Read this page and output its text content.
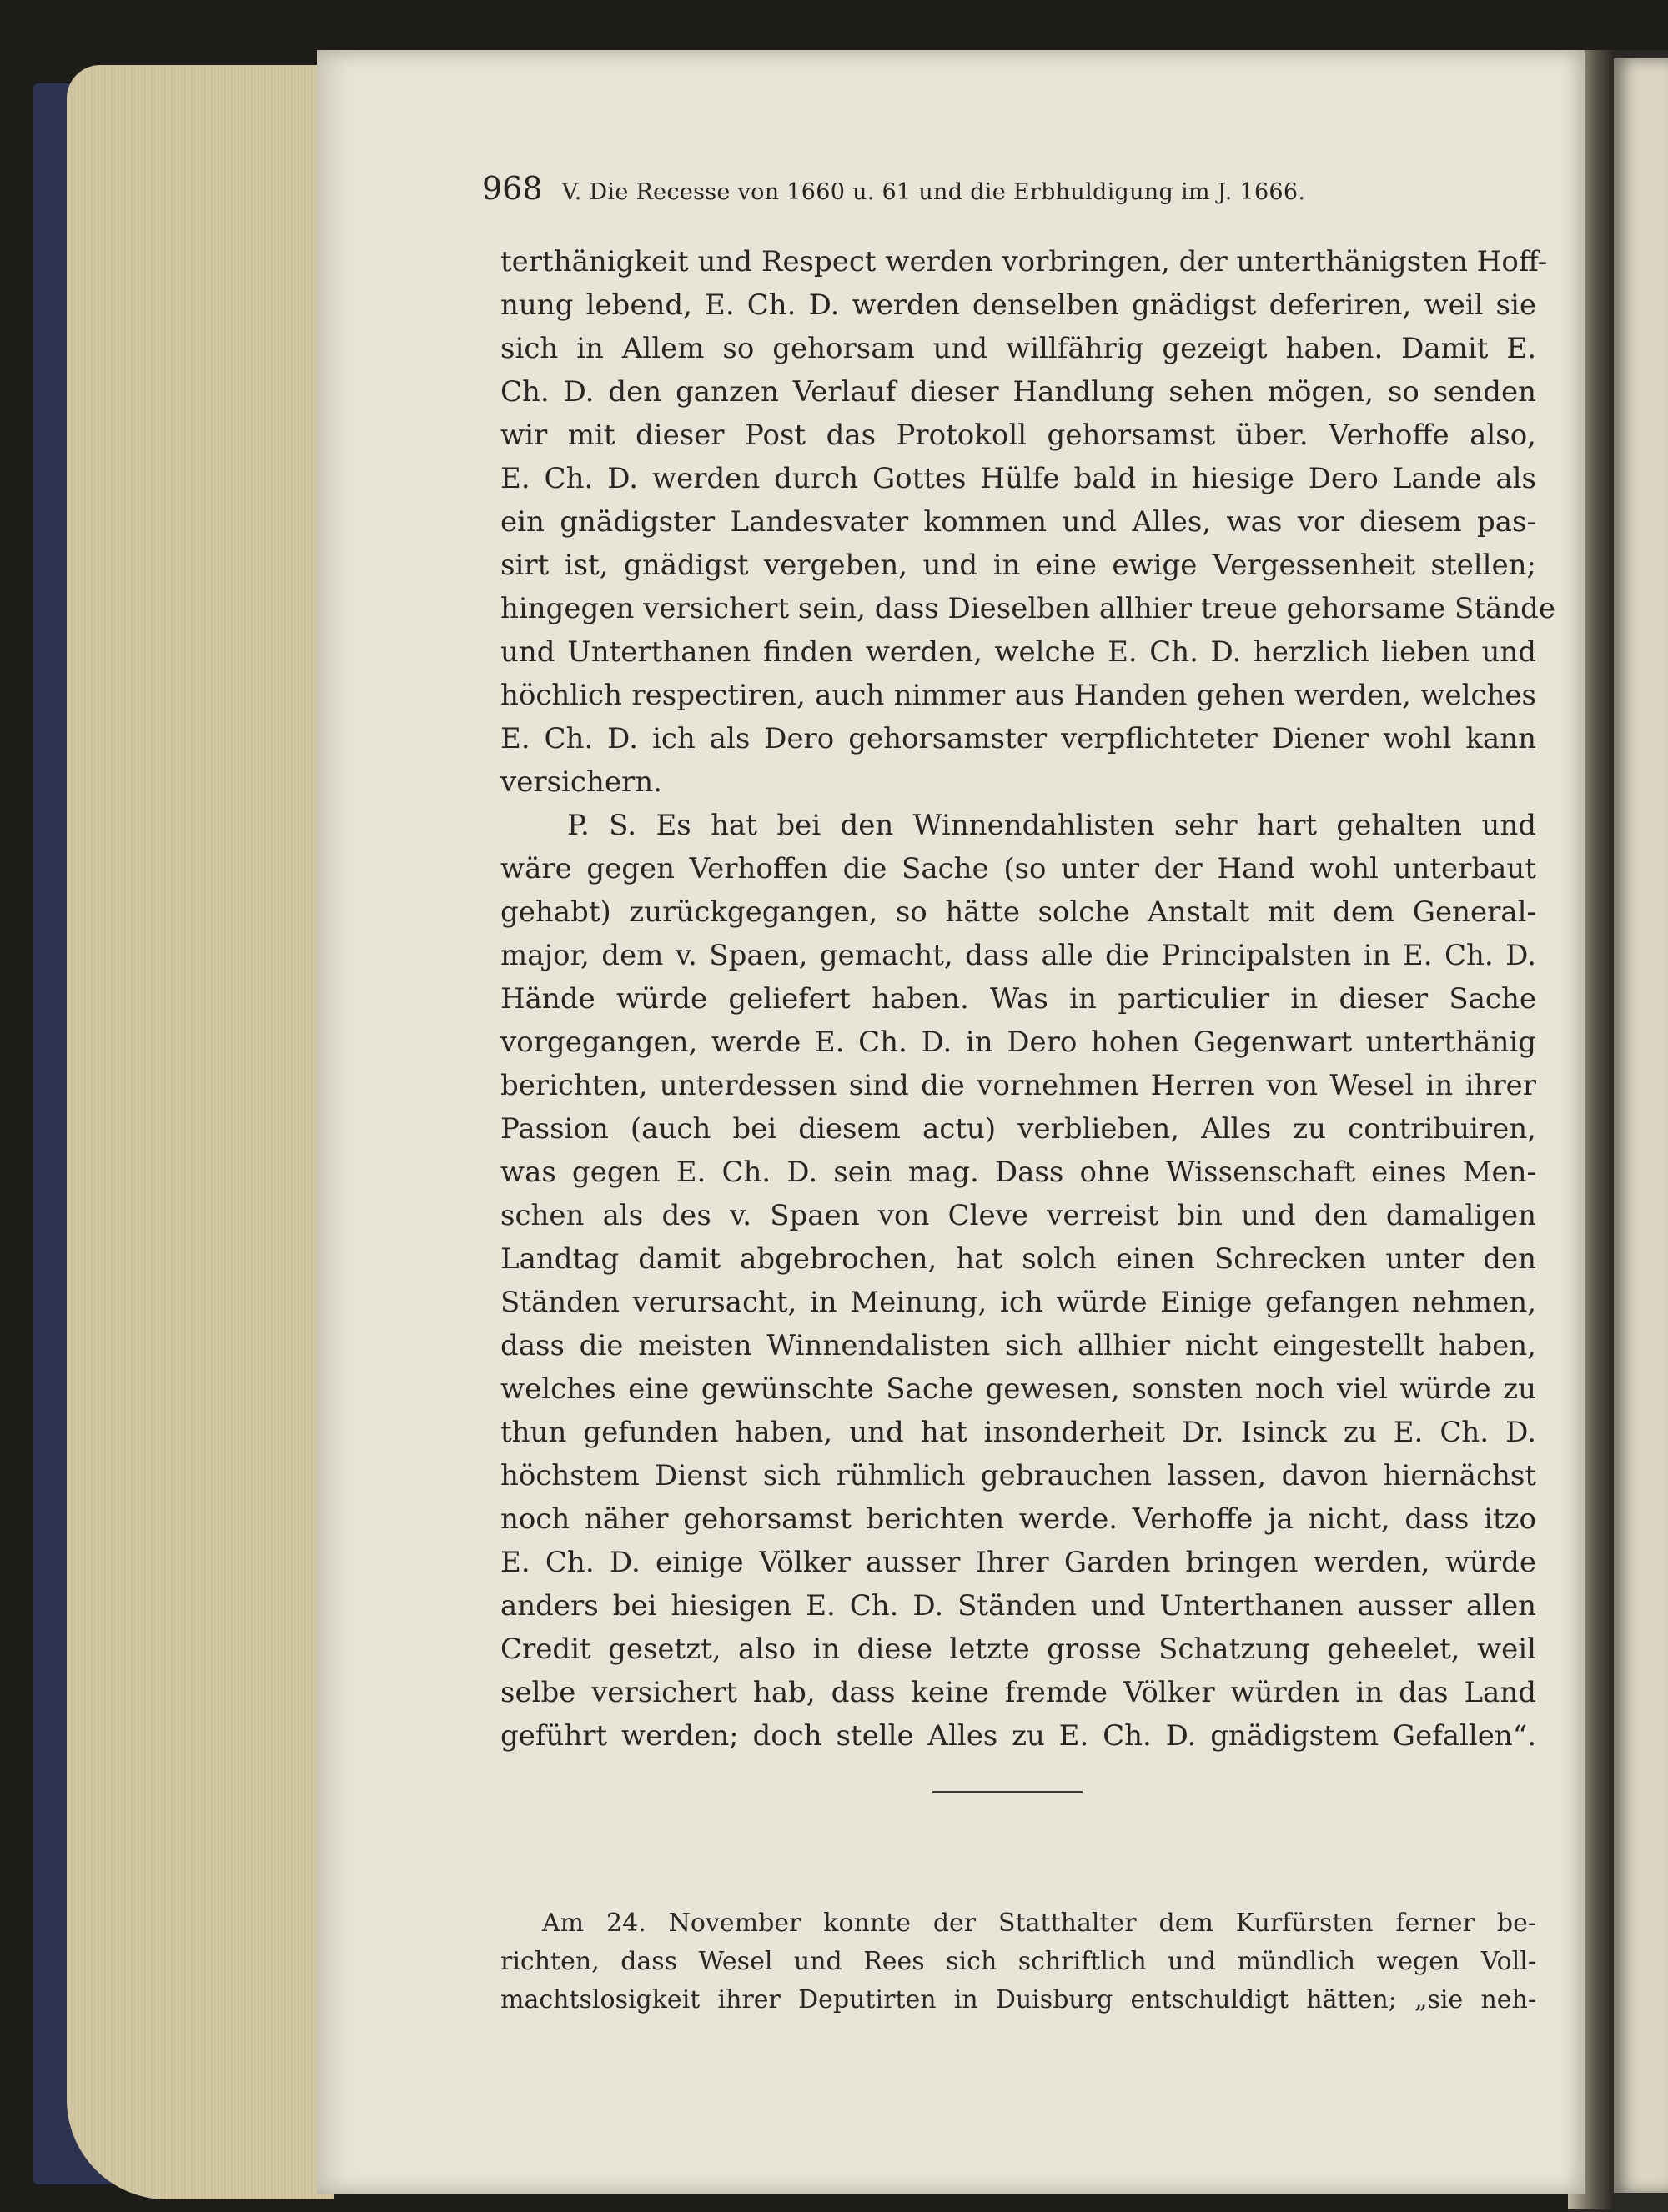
968 V. Die Recesse von 1660 u. 61 und die Erbhuldigung im J. 1666.
terthänigkeit und Respect werden vorbringen, der unterthänigsten Hoff-
nung lebend, E. Ch. D. werden denselben gnädigst deferiren, weil sie
sich in Allem so gehorsam und willfährig gezeigt haben. Damit E.
Ch. D. den ganzen Verlauf dieser Handlung sehen mögen, so senden
wir mit dieser Post das Protokoll gehorsamst über. Verhoffe also,
E. Ch. D. werden durch Gottes Hülfe bald in hiesige Dero Lande als
ein gnädigster Landesvater kommen und Alles, was vor diesem pas-
sirt ist, gnädigst vergeben, und in eine ewige Vergessenheit stellen;
hingegen versichert sein, dass Dieselben allhier treue gehorsame Stände
und Unterthanen finden werden, welche E. Ch. D. herzlich lieben und
höchlich respectiren, auch nimmer aus Handen gehen werden, welches
E. Ch. D. ich als Dero gehorsamster verpflichteter Diener wohl kann
versichern.
P. S. Es hat bei den Winnendahlisten sehr hart gehalten und
wäre gegen Verhoffen die Sache (so unter der Hand wohl unterbaut
gehabt) zurückgegangen, so hätte solche Anstalt mit dem General-
major, dem v. Spaen, gemacht, dass alle die Principalsten in E. Ch. D.
Hände würde geliefert haben. Was in particulier in dieser Sache
vorgegangen, werde E. Ch. D. in Dero hohen Gegenwart unterthänig
berichten, unterdessen sind die vornehmen Herren von Wesel in ihrer
Passion (auch bei diesem actu) verblieben, Alles zu contribuiren,
was gegen E. Ch. D. sein mag. Dass ohne Wissenschaft eines Men-
schen als des v. Spaen von Cleve verreist bin und den damaligen
Landtag damit abgebrochen, hat solch einen Schrecken unter den
Ständen verursacht, in Meinung, ich würde Einige gefangen nehmen,
dass die meisten Winnendalisten sich allhier nicht eingestellt haben,
welches eine gewünschte Sache gewesen, sonsten noch viel würde zu
thun gefunden haben, und hat insonderheit Dr. Isinck zu E. Ch. D.
höchstem Dienst sich rühmlich gebrauchen lassen, davon hiernächst
noch näher gehorsamst berichten werde. Verhoffe ja nicht, dass itzo
E. Ch. D. einige Völker ausser Ihrer Garden bringen werden, würde
anders bei hiesigen E. Ch. D. Ständen und Unterthanen ausser allen
Credit gesetzt, also in diese letzte grosse Schatzung geheelet, weil
selbe versichert hab, dass keine fremde Völker würden in das Land
geführt werden; doch stelle Alles zu E. Ch. D. gnädigstem Gefallen“.
Am 24. November konnte der Statthalter dem Kurfürsten ferner be-
richten, dass Wesel und Rees sich schriftlich und mündlich wegen Voll-
machtslosigkeit ihrer Deputirten in Duisburg entschuldigt hätten; „sie neh-
